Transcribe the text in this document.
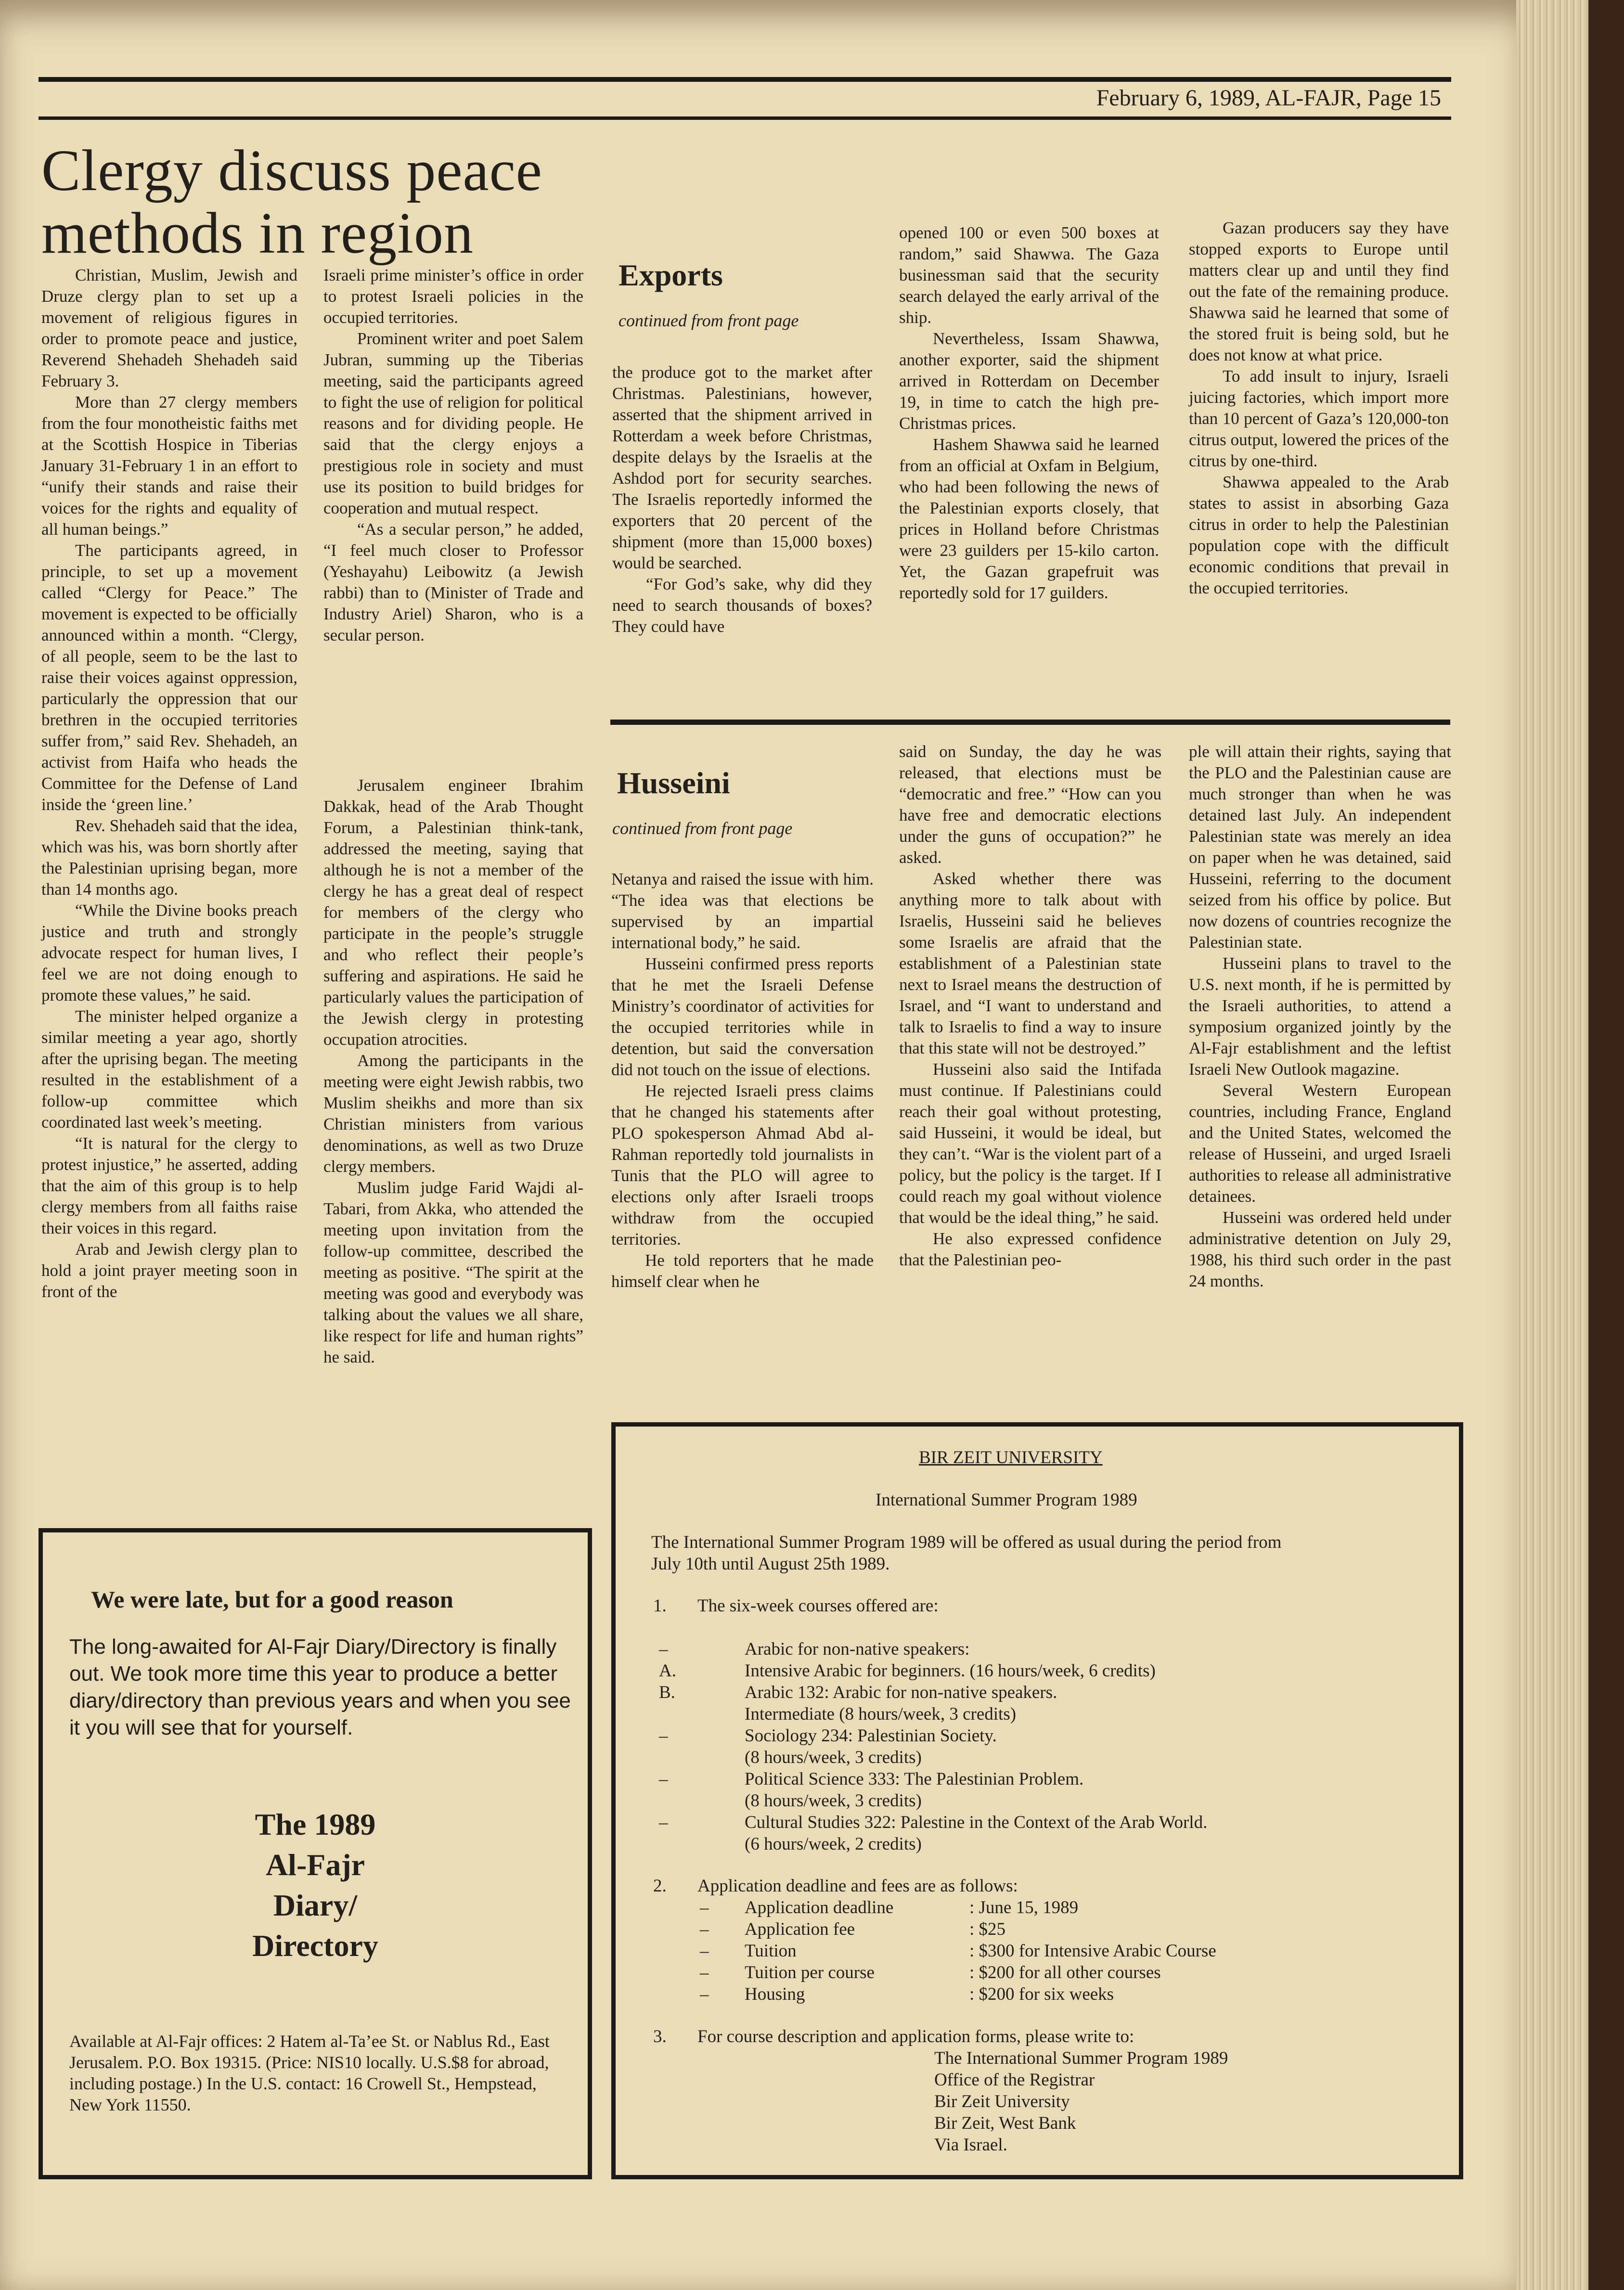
February 6, 1989, AL-FAJR, Page 15
Clergy discuss peace methods in region

Christian, Muslim, Jewish and Druze clergy plan to set up a movement of religious figures in order to promote peace and justice, Reverend Shehadeh Shehadeh said February 3.

More than 27 clergy members from the four monotheistic faiths met at the Scottish Hospice in Tiberias January 31-February 1 in an effort to “unify their stands and raise their voices for the rights and equality of all human beings.”

The participants agreed, in principle, to set up a movement called “Clergy for Peace.” The movement is expected to be officially announced within a month. “Clergy, of all people, seem to be the last to raise their voices against oppression, particularly the oppression that our brethren in the occupied territories suffer from,” said Rev. Shehadeh, an activist from Haifa who heads the Committee for the Defense of Land inside the ‘green line.’

Rev. Shehadeh said that the idea, which was his, was born shortly after the Palestinian uprising began, more than 14 months ago.

“While the Divine books preach justice and truth and strongly advocate respect for human lives, I feel we are not doing enough to promote these values,” he said.

The minister helped organize a similar meeting a year ago, shortly after the uprising began. The meeting resulted in the establishment of a follow-up committee which coordinated last week’s meeting.

“It is natural for the clergy to protest injustice,” he asserted, adding that the aim of this group is to help clergy members from all faiths raise their voices in this regard.

Arab and Jewish clergy plan to hold a joint prayer meeting soon in front of the

Israeli prime minister’s office in order to protest Israeli policies in the occupied territories.

Prominent writer and poet Salem Jubran, summing up the Tiberias meeting, said the participants agreed to fight the use of religion for political reasons and for dividing people. He said that the clergy enjoys a prestigious role in society and must use its position to build bridges for cooperation and mutual respect.

“As a secular person,” he added, “I feel much closer to Professor (Yeshayahu) Leibowitz (a Jewish rabbi) than to (Minister of Trade and Industry Ariel) Sharon, who is a secular person.

Jerusalem engineer Ibrahim Dakkak, head of the Arab Thought Forum, a Palestinian think-tank, addressed the meeting, saying that although he is not a member of the clergy he has a great deal of respect for members of the clergy who participate in the people’s struggle and who reflect their people’s suffering and aspirations. He said he particularly values the participation of the Jewish clergy in protesting occupation atrocities.

Among the participants in the meeting were eight Jewish rabbis, two Muslim sheikhs and more than six Christian ministers from various denominations, as well as two Druze clergy members.

Muslim judge Farid Wajdi al-Tabari, from Akka, who attended the meeting upon invitation from the follow-up committee, described the meeting as positive. “The spirit at the meeting was good and everybody was talking about the values we all share, like respect for life and human rights” he said.

Exports
continued from front page

the produce got to the market after Christmas. Palestinians, however, asserted that the shipment arrived in Rotterdam a week before Christmas, despite delays by the Israelis at the Ashdod port for security searches. The Israelis reportedly informed the exporters that 20 percent of the shipment (more than 15,000 boxes) would be searched.

“For God’s sake, why did they need to search thousands of boxes? They could have

opened 100 or even 500 boxes at random,” said Shawwa. The Gaza businessman said that the security search delayed the early arrival of the ship.

Nevertheless, Issam Shawwa, another exporter, said the shipment arrived in Rotterdam on December 19, in time to catch the high pre-Christmas prices.

Hashem Shawwa said he learned from an official at Oxfam in Belgium, who had been following the news of the Palestinian exports closely, that prices in Holland before Christmas were 23 guilders per 15-kilo carton. Yet, the Gazan grapefruit was reportedly sold for 17 guilders.

Gazan producers say they have stopped exports to Europe until matters clear up and until they find out the fate of the remaining produce. Shawwa said he learned that some of the stored fruit is being sold, but he does not know at what price.

To add insult to injury, Israeli juicing factories, which import more than 10 percent of Gaza’s 120,000-ton citrus output, lowered the prices of the citrus by one-third.

Shawwa appealed to the Arab states to assist in absorbing Gaza citrus in order to help the Palestinian population cope with the difficult economic conditions that prevail in the occupied territories.

Husseini
continued from front page

Netanya and raised the issue with him. “The idea was that elections be supervised by an impartial international body,” he said.

Husseini confirmed press reports that he met the Israeli Defense Ministry’s coordinator of activities for the occupied territories while in detention, but said the conversation did not touch on the issue of elections.

He rejected Israeli press claims that he changed his statements after PLO spokesperson Ahmad Abd al-Rahman reportedly told journalists in Tunis that the PLO will agree to elections only after Israeli troops withdraw from the occupied territories.

He told reporters that he made himself clear when he

said on Sunday, the day he was released, that elections must be “democratic and free.” “How can you have free and democratic elections under the guns of occupation?” he asked.

Asked whether there was anything more to talk about with Israelis, Husseini said he believes some Israelis are afraid that the establishment of a Palestinian state next to Israel means the destruction of Israel, and “I want to understand and talk to Israelis to find a way to insure that this state will not be destroyed.”

Husseini also said the Intifada must continue. If Palestinians could reach their goal without protesting, said Husseini, it would be ideal, but they can’t. “War is the violent part of a policy, but the policy is the target. If I could reach my goal without violence that would be the ideal thing,” he said.

He also expressed confidence that the Palestinian peo-

ple will attain their rights, saying that the PLO and the Palestinian cause are much stronger than when he was detained last July. An independent Palestinian state was merely an idea on paper when he was detained, said Husseini, referring to the document seized from his office by police. But now dozens of countries recognize the Palestinian state.

Husseini plans to travel to the U.S. next month, if he is permitted by the Israeli authorities, to attend a symposium organized jointly by the Al-Fajr establishment and the leftist Israeli New Outlook magazine.

Several Western European countries, including France, England and the United States, welcomed the release of Husseini, and urged Israeli authorities to release all administrative detainees.

Husseini was ordered held under administrative detention on July 29, 1988, his third such order in the past 24 months.

We were late, but for a good reason
The long-awaited for Al-Fajr Diary/Directory is finally out. We took more time this year to produce a better diary/directory than previous years and when you see it you will see that for yourself.
The 1989
Al-Fajr
Diary/
Directory
Available at Al-Fajr offices: 2 Hatem al-Ta’ee St. or Nablus Rd., East Jerusalem. P.O. Box 19315. (Price: NIS10 locally. U.S.$8 for abroad, including postage.) In the U.S. contact: 16 Crowell St., Hempstead, New York 11550.
BIR ZEIT UNIVERSITY
International Summer Program 1989
The International Summer Program 1989 will be offered as usual during the period from
July 10th until August 25th 1989.
1. The six-week courses offered are:
–	Arabic for non-native speakers:
A.	Intensive Arabic for beginners. (16 hours/week, 6 credits)
B.	Arabic 132: Arabic for non-native speakers.
Intermediate (8 hours/week, 3 credits)
–	Sociology 234: Palestinian Society.
(8 hours/week, 3 credits)
–	Political Science 333: The Palestinian Problem.
(8 hours/week, 3 credits)
–	Cultural Studies 322: Palestine in the Context of the Arab World.
(6 hours/week, 2 credits)
2. Application deadline and fees are as follows:
– Application deadline	: June 15, 1989
– Application fee	: $25
– Tuition	: $300 for Intensive Arabic Course
– Tuition per course	: $200 for all other courses
– Housing	: $200 for six weeks
3. For course description and application forms, please write to:
The International Summer Program 1989
Office of the Registrar
Bir Zeit University
Bir Zeit, West Bank
Via Israel.
